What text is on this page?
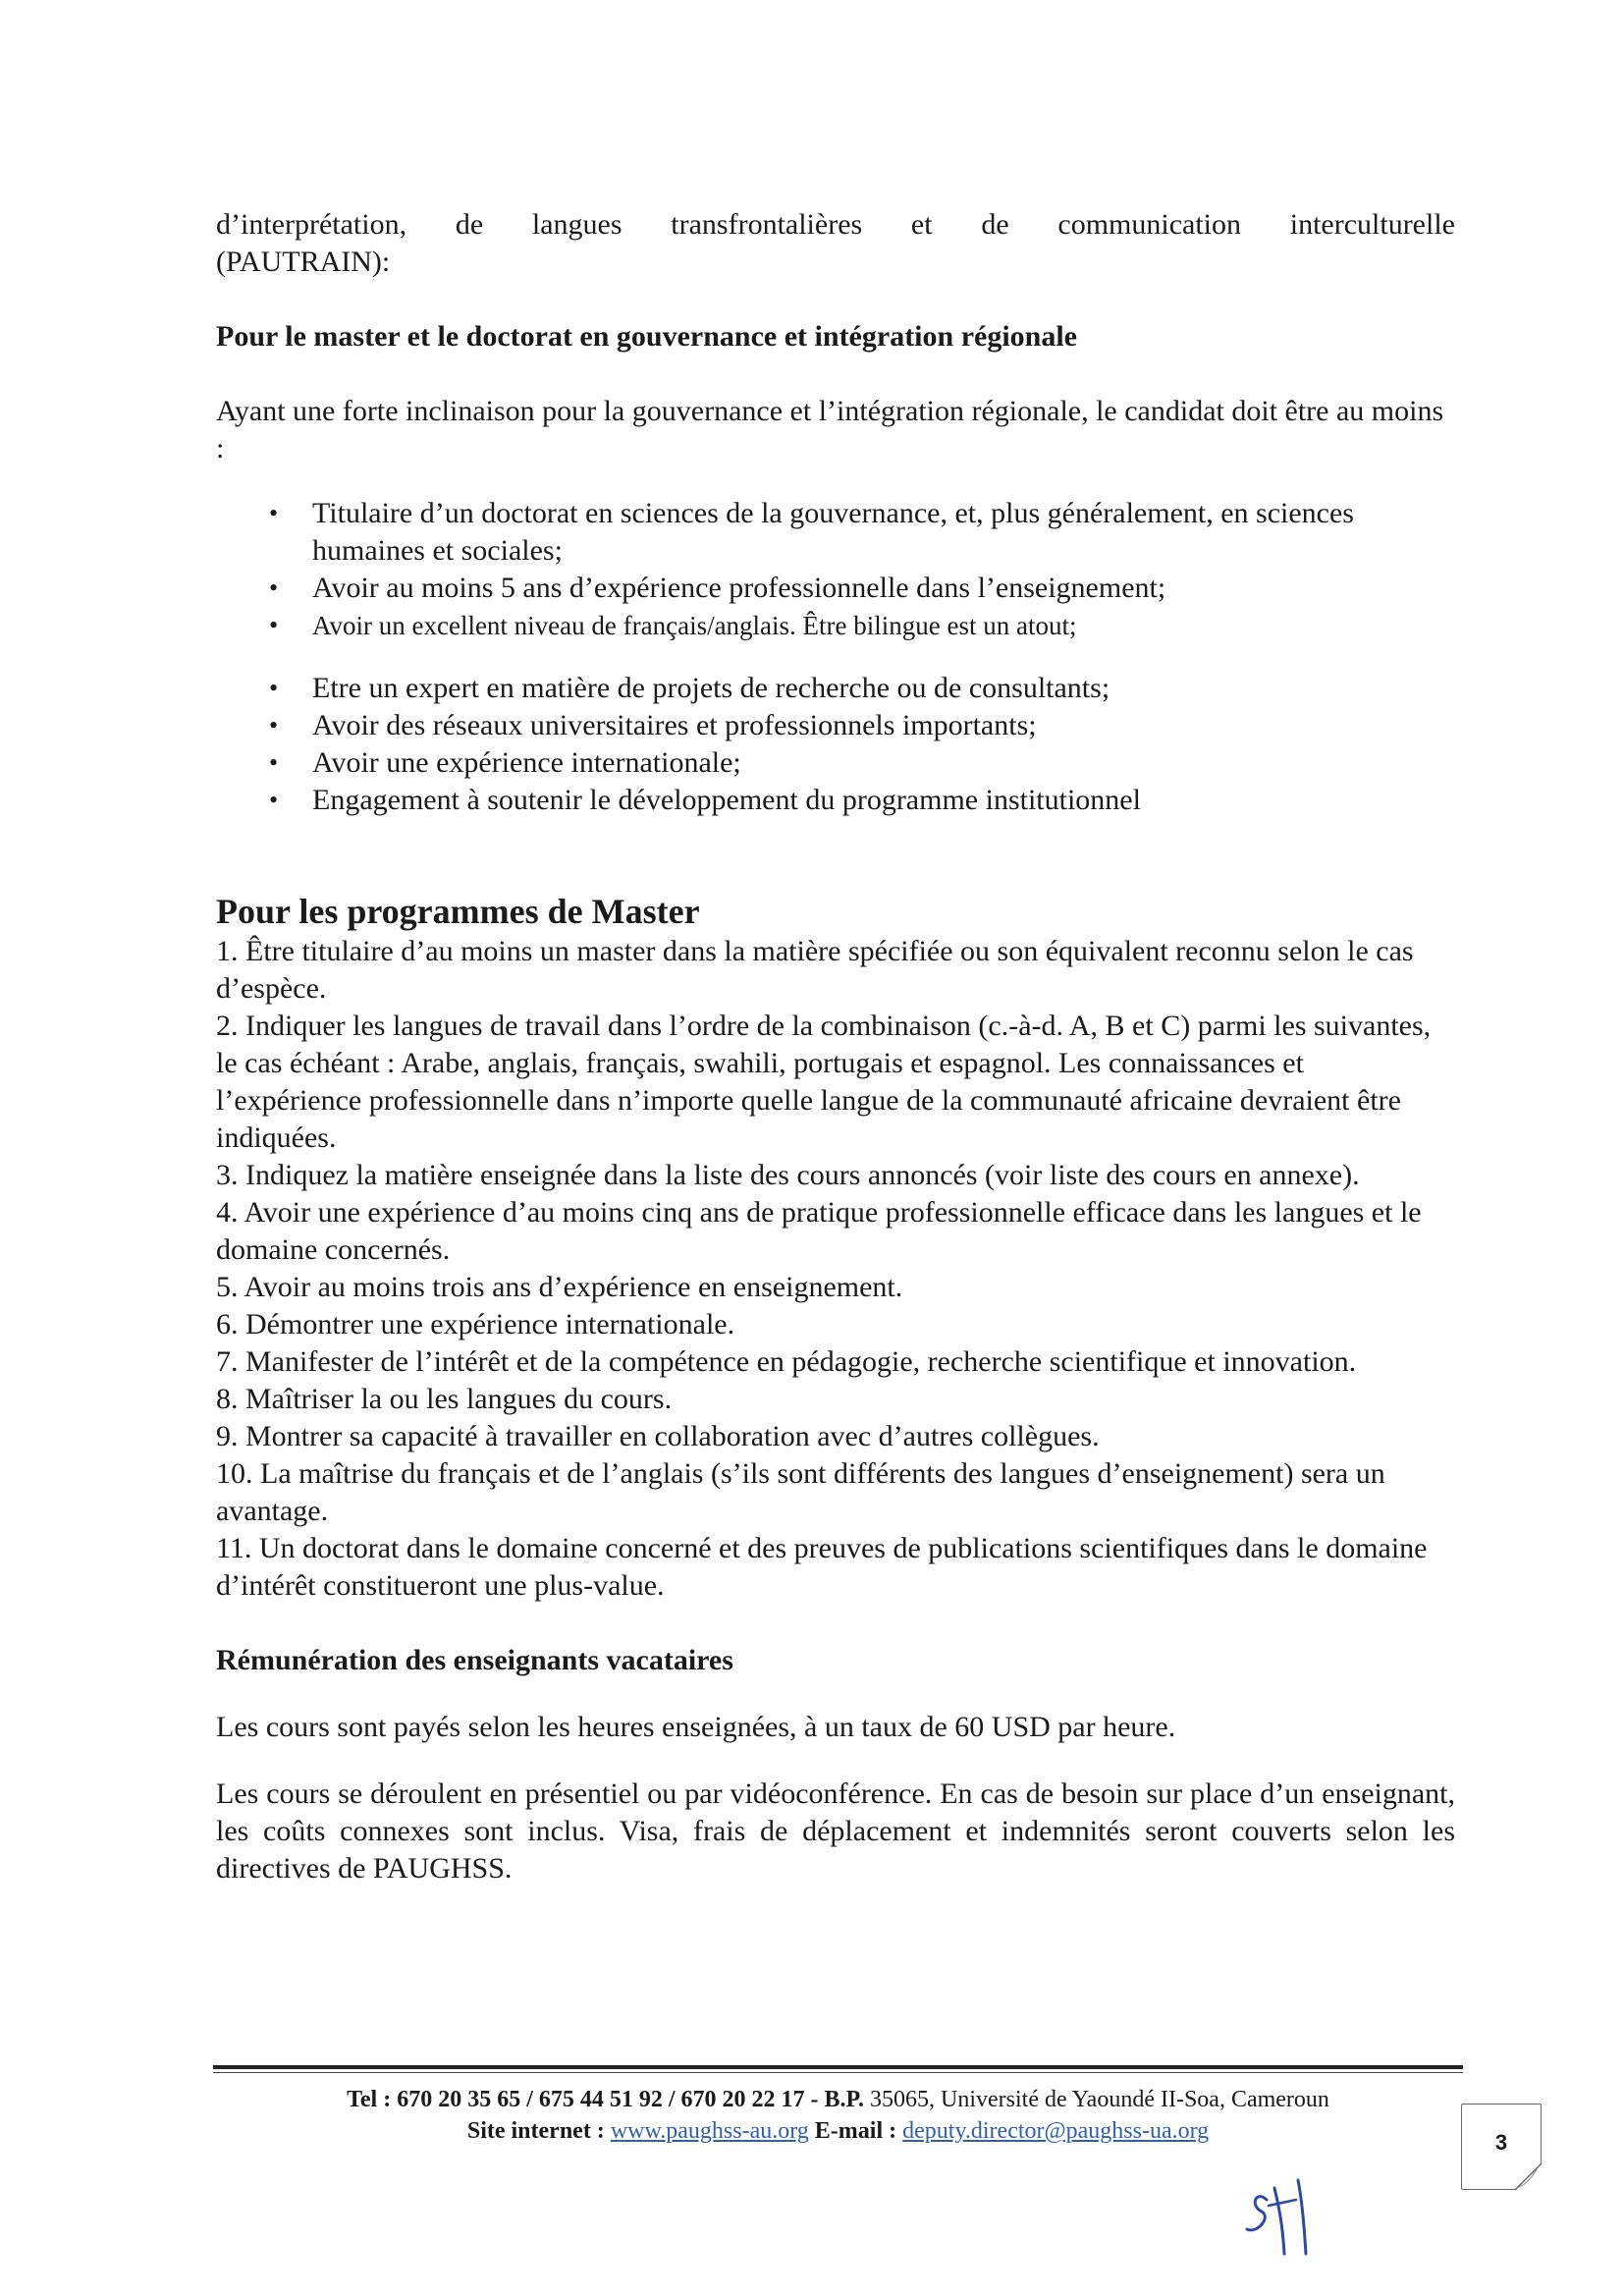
d’interprétation, de langues transfrontalières et de communication interculturelle

(PAUTRAIN):

Pour le master et le doctorat en gouvernance et intégration régionale

Ayant une forte inclinaison pour la gouvernance et l’intégration régionale, le candidat doit être au moins :

• Titulaire d’un doctorat en sciences de la gouvernance, et, plus généralement, en sciences humaines et sociales;
• Avoir au moins 5 ans d’expérience professionnelle dans l’enseignement;
• Avoir un excellent niveau de français/anglais. Être bilingue est un atout;
• Etre un expert en matière de projets de recherche ou de consultants;
• Avoir des réseaux universitaires et professionnels importants;
• Avoir une expérience internationale;
• Engagement à soutenir le développement du programme institutionnel

Pour les programmes de Master

1. Être titulaire d’au moins un master dans la matière spécifiée ou son équivalent reconnu selon le cas d’espèce.

2. Indiquer les langues de travail dans l’ordre de la combinaison (c.-à-d. A, B et C) parmi les suivantes, le cas échéant : Arabe, anglais, français, swahili, portugais et espagnol. Les connaissances et l’expérience professionnelle dans n’importe quelle langue de la communauté africaine devraient être indiquées.

3. Indiquez la matière enseignée dans la liste des cours annoncés (voir liste des cours en annexe).

4. Avoir une expérience d’au moins cinq ans de pratique professionnelle efficace dans les langues et le domaine concernés.

5. Avoir au moins trois ans d’expérience en enseignement.

6. Démontrer une expérience internationale.

7. Manifester de l’intérêt et de la compétence en pédagogie, recherche scientifique et innovation.

8. Maîtriser la ou les langues du cours.

9. Montrer sa capacité à travailler en collaboration avec d’autres collègues.

10. La maîtrise du français et de l’anglais (s’ils sont différents des langues d’enseignement) sera un avantage.

11. Un doctorat dans le domaine concerné et des preuves de publications scientifiques dans le domaine d’intérêt constitueront une plus-value.

Rémunération des enseignants vacataires

Les cours sont payés selon les heures enseignées, à un taux de 60 USD par heure.

Les cours se déroulent en présentiel ou par vidéoconférence. En cas de besoin sur place d’un enseignant, les coûts connexes sont inclus. Visa, frais de déplacement et indemnités seront couverts selon les directives de PAUGHSS.

Tel : 670 20 35 65 / 675 44 51 92 / 670 20 22 17 - B.P. 35065, Université de Yaoundé II-Soa, Cameroun
Site internet : www.paughss-au.org E-mail : deputy.director@paughss-ua.org	3
